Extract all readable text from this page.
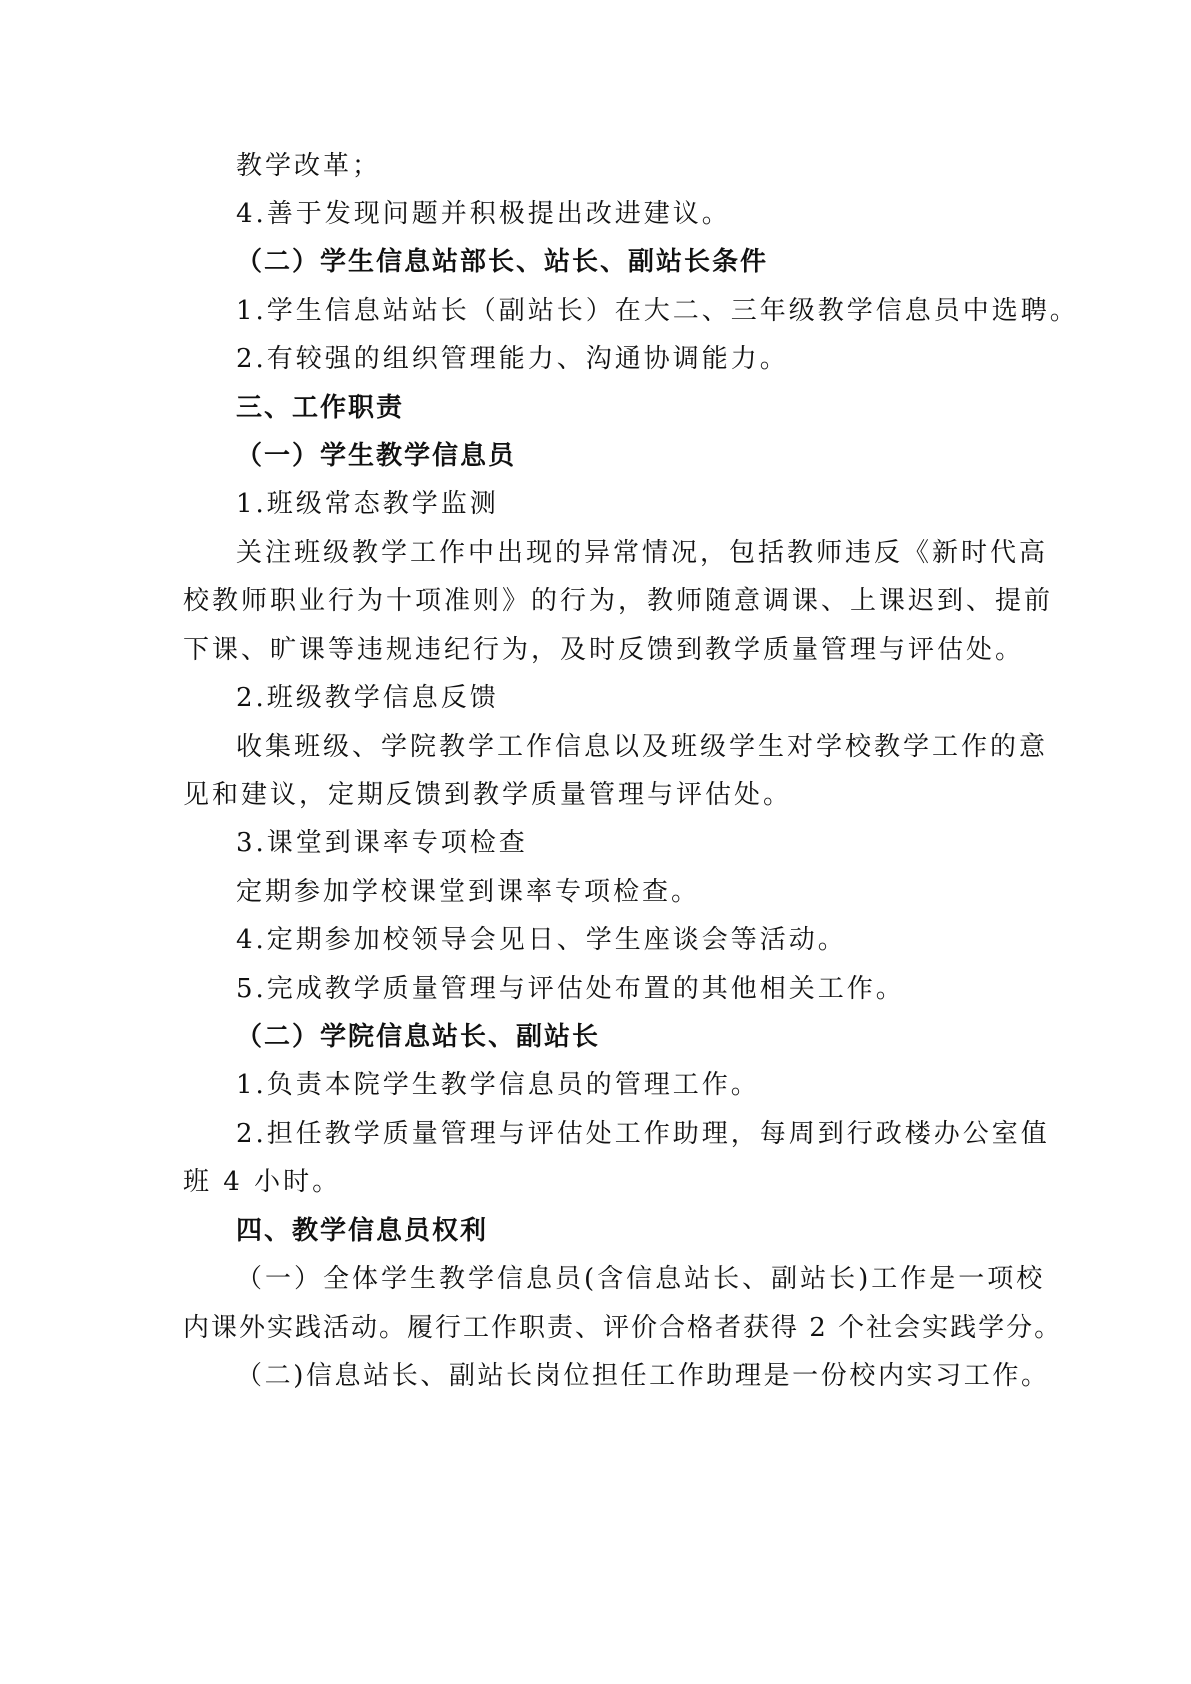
教学改革；
4.善于发现问题并积极提出改进建议。
（二）学生信息站部长、站长、副站长条件
1.学生信息站站长（副站长）在大二、三年级教学信息员中选聘。
2.有较强的组织管理能力、沟通协调能力。
三、工作职责
（一）学生教学信息员
1.班级常态教学监测
关注班级教学工作中出现的异常情况，包括教师违反《新时代高
校教师职业行为十项准则》的行为，教师随意调课、上课迟到、提前
下课、旷课等违规违纪行为，及时反馈到教学质量管理与评估处。
2.班级教学信息反馈
收集班级、学院教学工作信息以及班级学生对学校教学工作的意
见和建议，定期反馈到教学质量管理与评估处。
3.课堂到课率专项检查
定期参加学校课堂到课率专项检查。
4.定期参加校领导会见日、学生座谈会等活动。
5.完成教学质量管理与评估处布置的其他相关工作。
（二）学院信息站长、副站长
1.负责本院学生教学信息员的管理工作。
2.担任教学质量管理与评估处工作助理，每周到行政楼办公室值
班 4 小时。
四、教学信息员权利
（一）全体学生教学信息员(含信息站长、副站长)工作是一项校
内课外实践活动。履行工作职责、评价合格者获得 2 个社会实践学分。
（二)信息站长、副站长岗位担任工作助理是一份校内实习工作。
